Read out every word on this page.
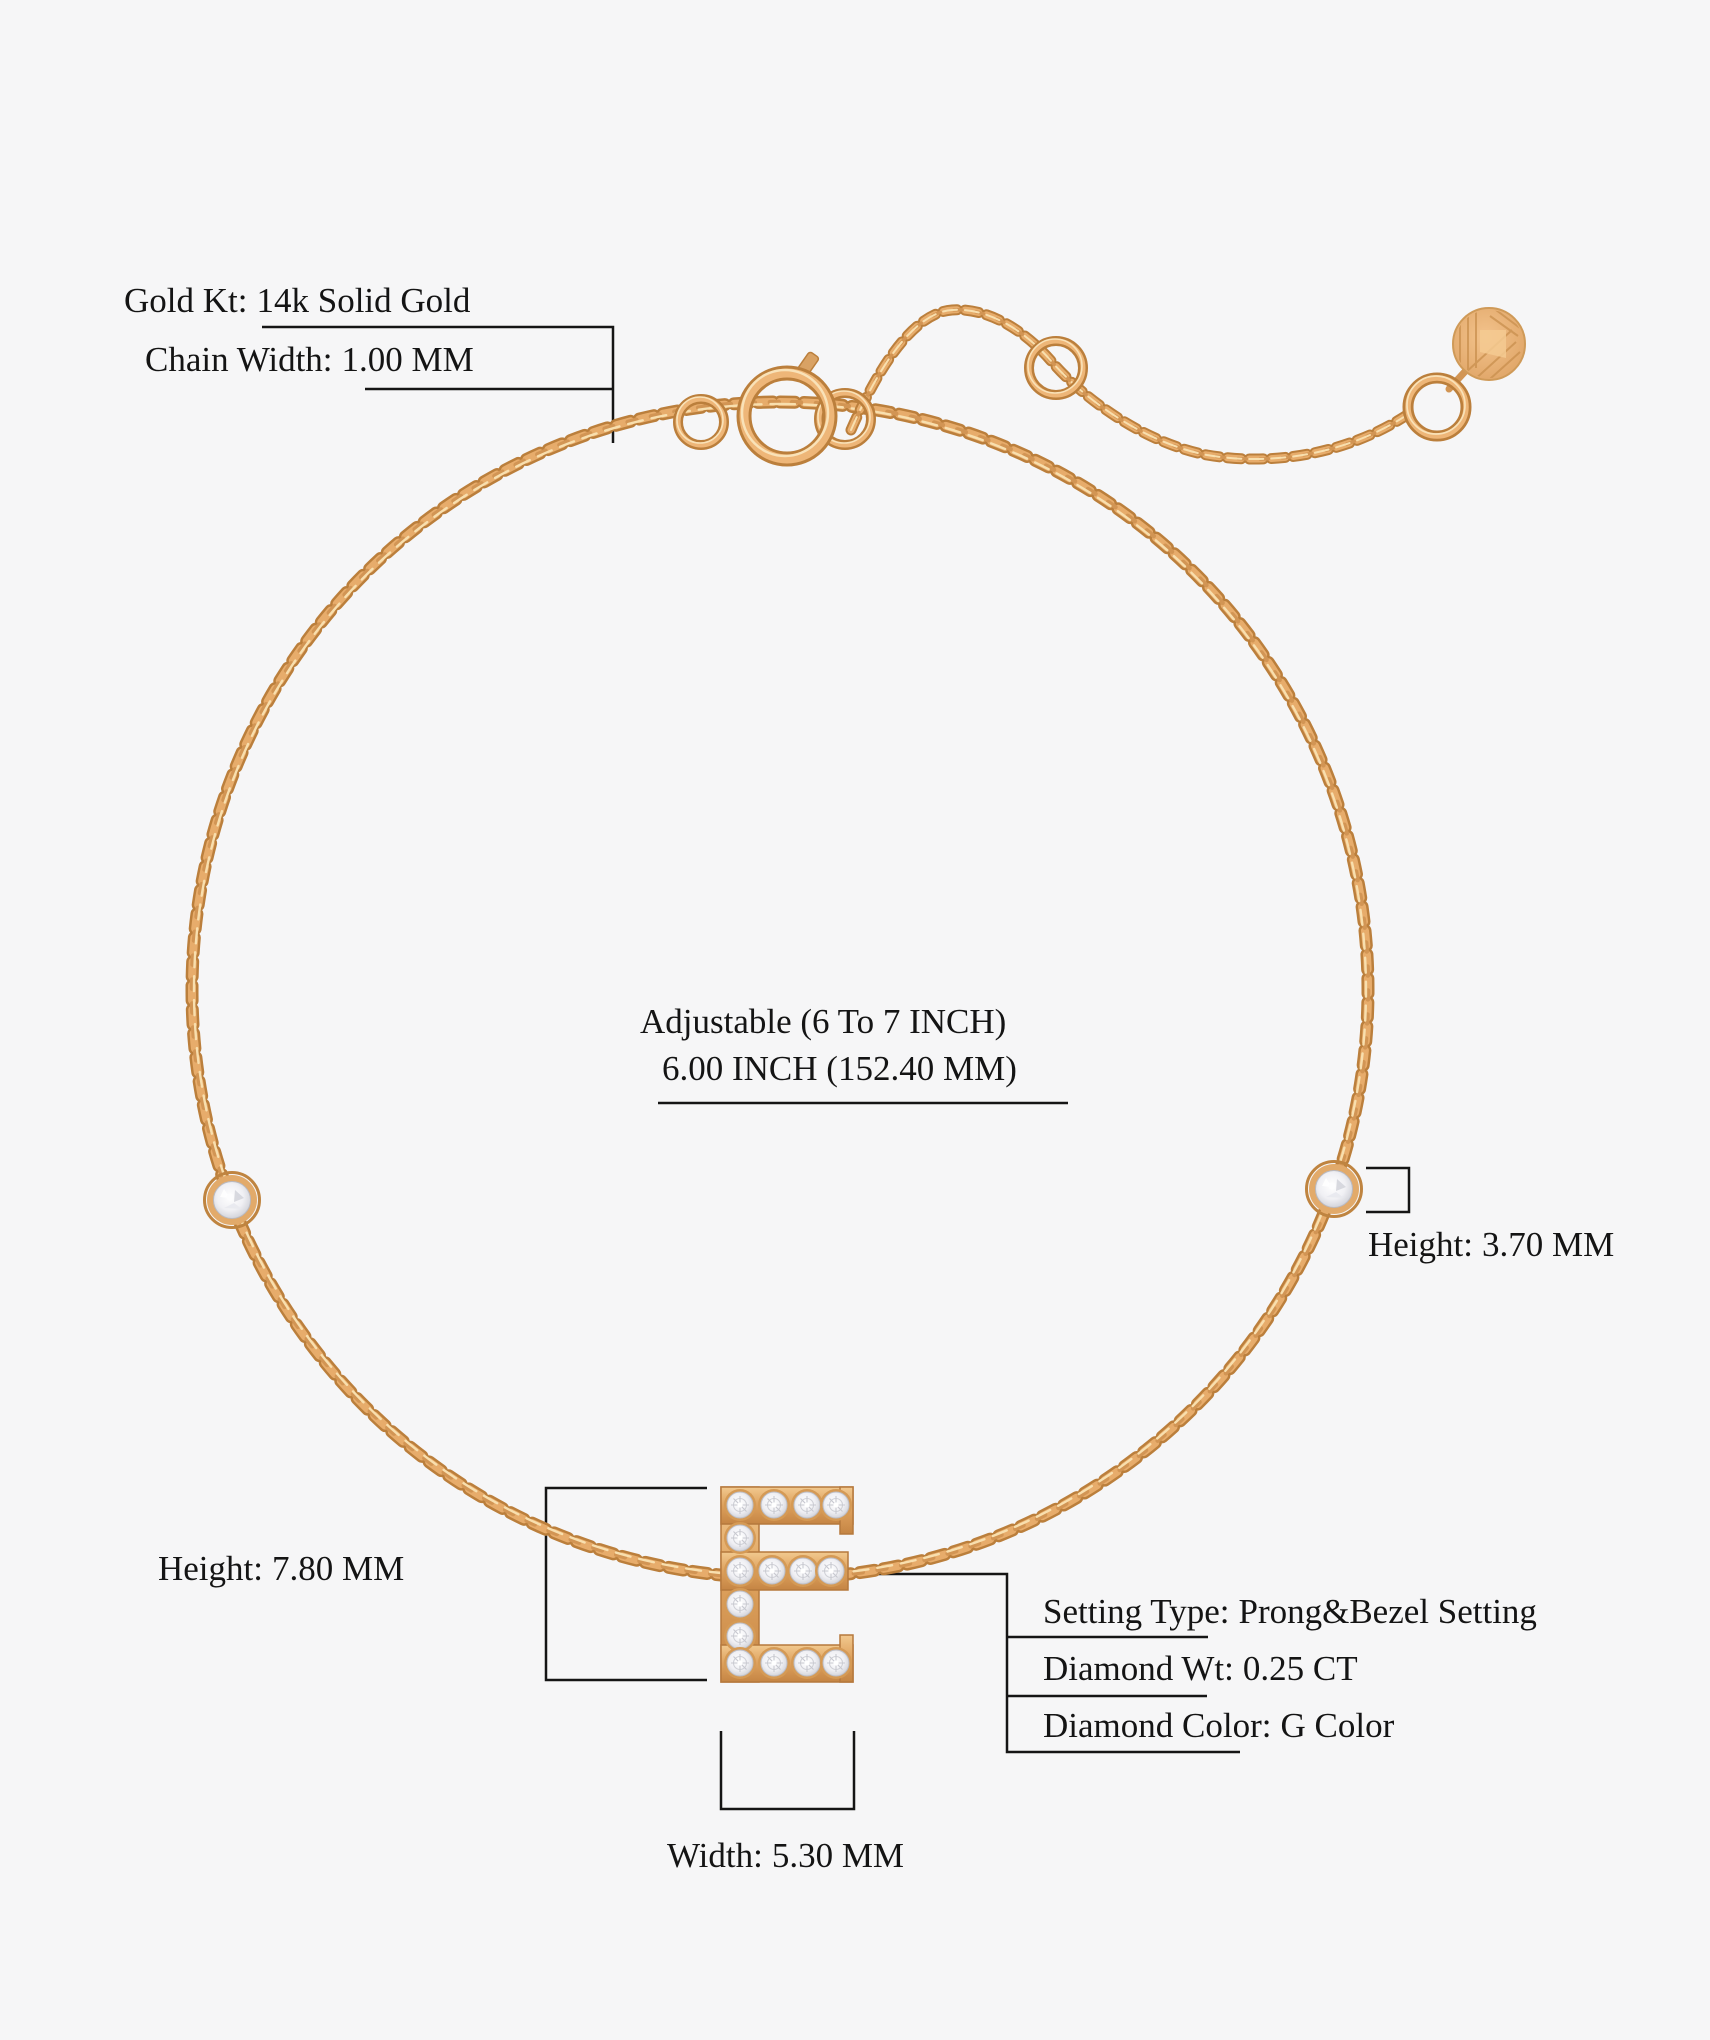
E
Gold Kt: 14k Solid Gold
Chain Width: 1.00 MM
Adjustable (6 To 7 INCH)
6.00 INCH (152.40 MM)
Height: 3.70 MM
Height: 7.80 MM
Setting Type: Prong&Bezel Setting
Diamond Wt: 0.25 CT
Diamond Color: G Color
Width: 5.30 MM
